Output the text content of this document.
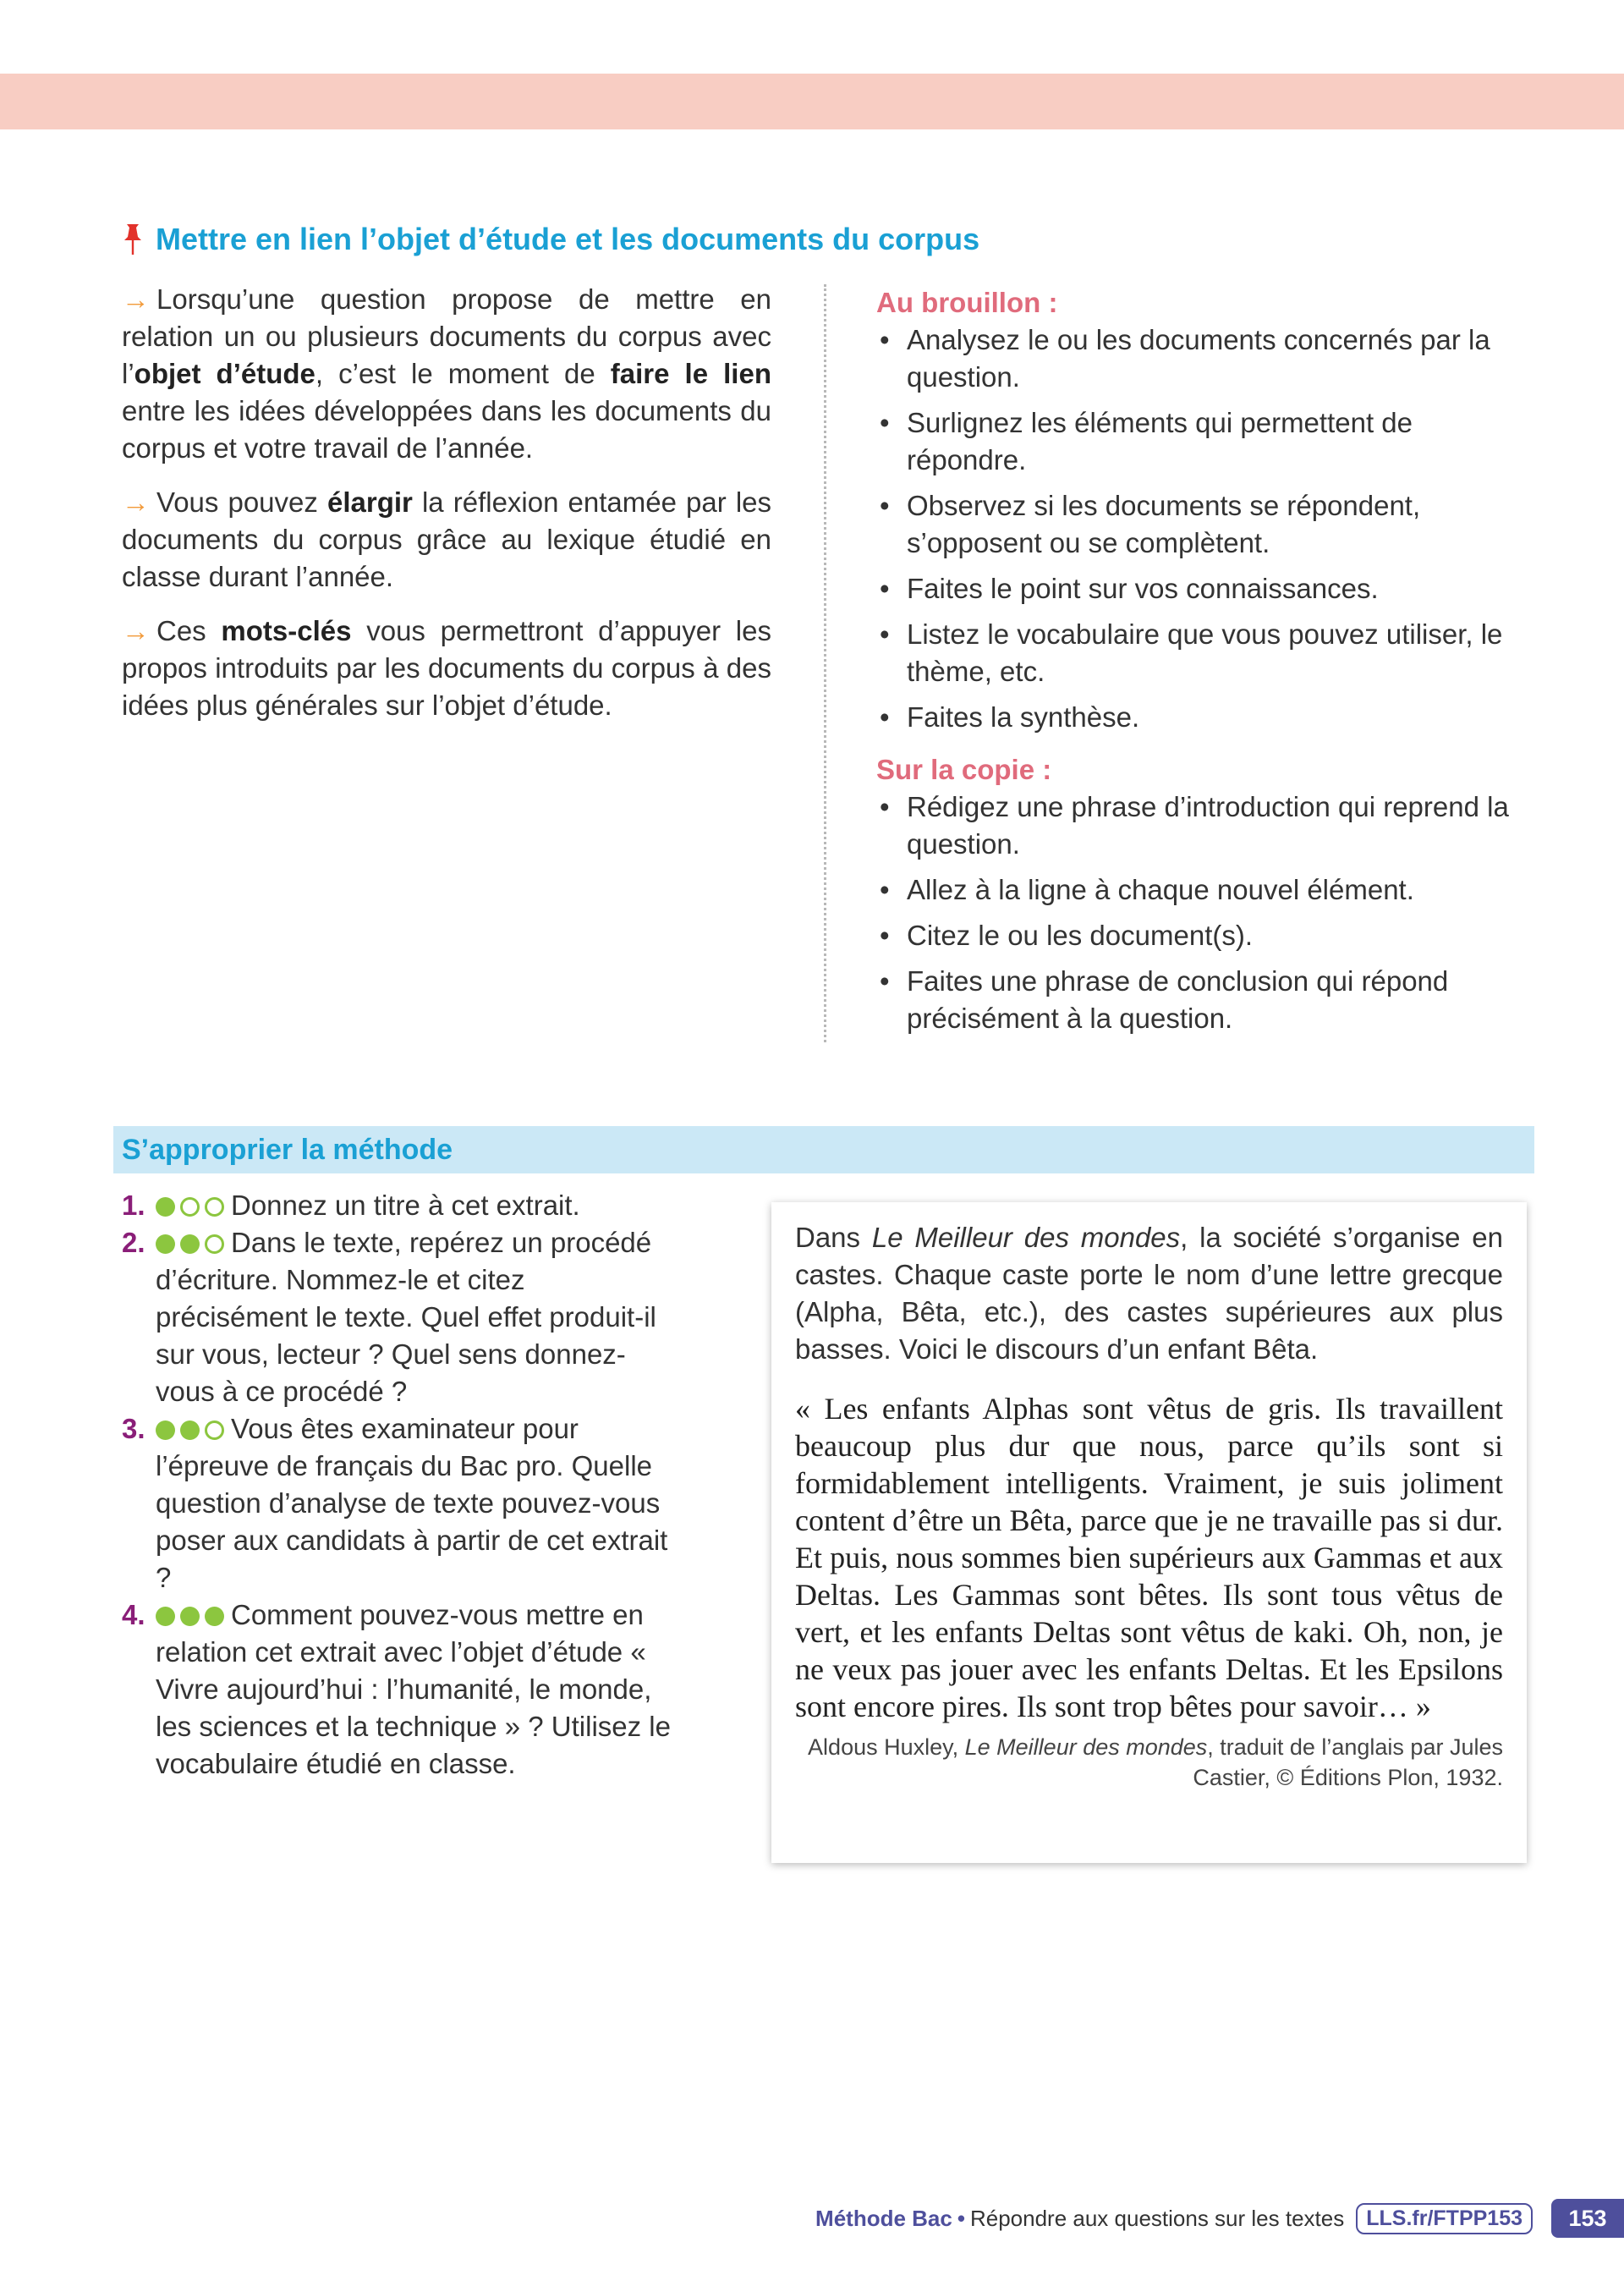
Mettre en lien l’objet d’étude et les documents du corpus

→ Lorsqu’une question propose de mettre en relation un ou plusieurs documents du corpus avec l’objet d’étude, c’est le moment de faire le lien entre les idées développées dans les documents du corpus et votre travail de l’année.

→ Vous pouvez élargir la réflexion entamée par les documents du corpus grâce au lexique étudié en classe durant l’année.

→ Ces mots-clés vous permettront d’appuyer les propos introduits par les documents du corpus à des idées plus générales sur l’objet d’étude.

Au brouillon :

• Analysez le ou les documents concernés par la question.
• Surlignez les éléments qui permettent de répondre.
• Observez si les documents se répondent, s’opposent ou se complètent.
• Faites le point sur vos connaissances.
• Listez le vocabulaire que vous pouvez utiliser, le thème, etc.
• Faites la synthèse.

Sur la copie :

• Rédigez une phrase d’introduction qui reprend la question.
• Allez à la ligne à chaque nouvel élément.
• Citez le ou les document(s).
• Faites une phrase de conclusion qui répond précisément à la question.
S’approprier la méthode
1.	Donnez un titre à cet extrait.
2.	Dans le texte, repérez un procédé d’écriture. Nommez-le et citez précisément le texte. Quel effet produit-il sur vous, lecteur ? Quel sens donnez-vous à ce procédé ?
3.	Vous êtes examinateur pour l’épreuve de français du Bac pro. Quelle question d’analyse de texte pouvez-vous poser aux candidats à partir de cet extrait ?
4.	Comment pouvez-vous mettre en relation cet extrait avec l’objet d’étude « Vivre aujourd’hui : l’humanité, le monde, les sciences et la technique » ? Utilisez le vocabulaire étudié en classe.

Dans Le Meilleur des mondes, la société s’organise en castes. Chaque caste porte le nom d’une lettre grecque (Alpha, Bêta, etc.), des castes supérieures aux plus basses. Voici le discours d’un enfant Bêta.

« Les enfants Alphas sont vêtus de gris. Ils travaillent beaucoup plus dur que nous, parce qu’ils sont si formidablement intelligents. Vraiment, je suis joliment content d’être un Bêta, parce que je ne travaille pas si dur. Et puis, nous sommes bien supérieurs aux Gammas et aux Deltas. Les Gammas sont bêtes. Ils sont tous vêtus de vert, et les enfants Deltas sont vêtus de kaki. Oh, non, je ne veux pas jouer avec les enfants Deltas. Et les Epsilons sont encore pires. Ils sont trop bêtes pour savoir… »

Aldous Huxley, Le Meilleur des mondes, traduit de l’anglais par Jules Castier, © Éditions Plon, 1932.

Méthode Bac • Répondre aux questions sur les textes	LLS.fr/FTPP153	153
